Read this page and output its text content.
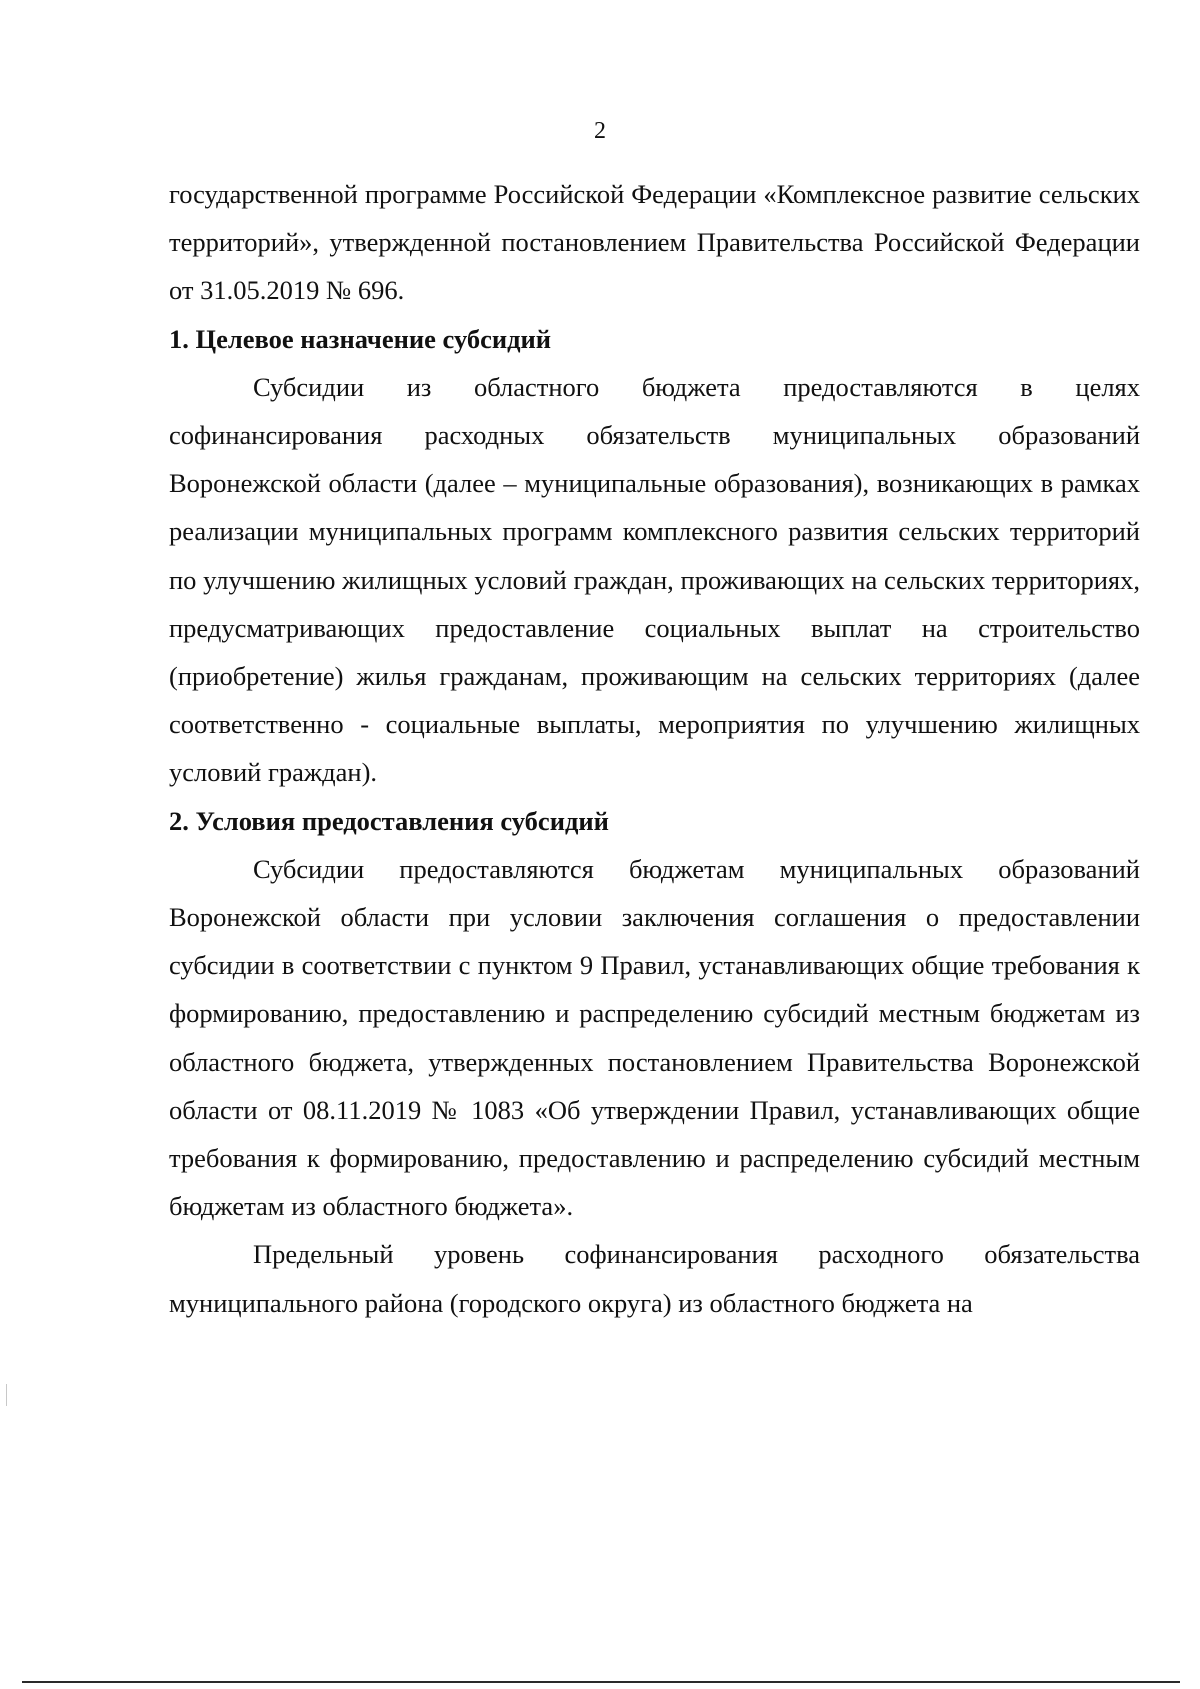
2

государственной программе Российской Федерации «Комплексное развитие сельских территорий», утвержденной постановлением Правительства Российской Федерации от 31.05.2019 № 696.

1. Целевое назначение субсидий

Субсидии из областного бюджета предоставляются в целях софинансирования расходных обязательств муниципальных образований Воронежской области (далее – муниципальные образования), возникающих в рамках реализации муниципальных программ комплексного развития сельских территорий по улучшению жилищных условий граждан, проживающих на сельских территориях, предусматривающих предоставление социальных выплат на строительство (приобретение) жилья гражданам, проживающим на сельских территориях (далее соответственно - социальные выплаты, мероприятия по улучшению жилищных условий граждан).

2. Условия предоставления субсидий

Субсидии предоставляются бюджетам муниципальных образований Воронежской области при условии заключения соглашения о предоставлении субсидии в соответствии с пунктом 9 Правил, устанавливающих общие требования к формированию, предоставлению и распределению субсидий местным бюджетам из областного бюджета, утвержденных постановлением Правительства Воронежской области от 08.11.2019 № 1083 «Об утверждении Правил, устанавливающих общие требования к формированию, предоставлению и распределению субсидий местным бюджетам из областного бюджета».

Предельный уровень софинансирования расходного обязательства муниципального района (городского округа) из областного бюджета на
